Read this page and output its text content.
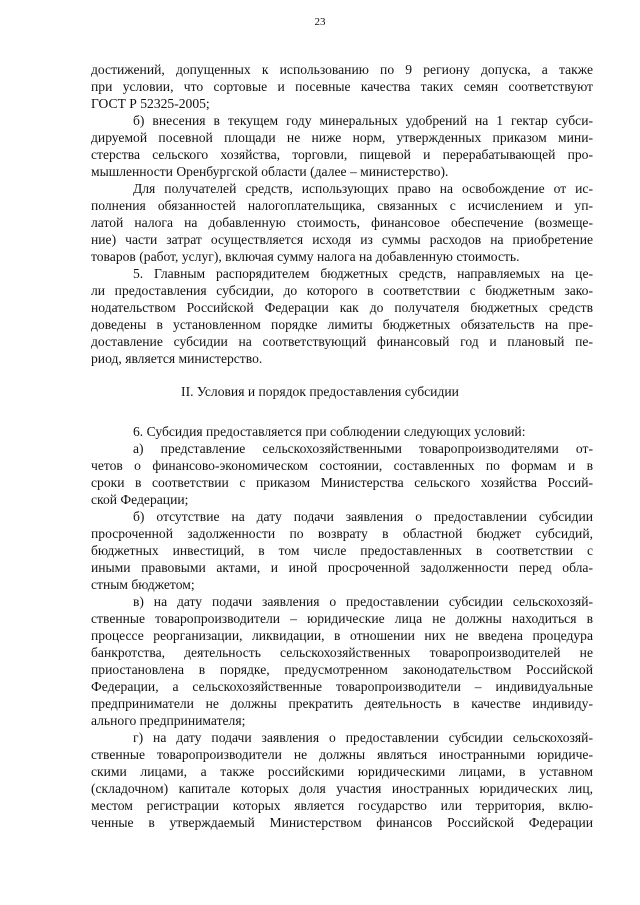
23
достижений, допущенных к использованию по 9 региону допуска, а также
при условии, что сортовые и посевные качества таких семян соответствуют
ГОСТ Р 52325-2005;
б) внесения в текущем году минеральных удобрений на 1 гектар субси-
дируемой посевной площади не ниже норм, утвержденных приказом мини-
стерства сельского хозяйства, торговли, пищевой и перерабатывающей про-
мышленности Оренбургской области (далее – министерство).
Для получателей средств, использующих право на освобождение от ис-
полнения обязанностей налогоплательщика, связанных с исчислением и уп-
латой налога на добавленную стоимость, финансовое обеспечение (возмеще-
ние) части затрат осуществляется исходя из суммы расходов на приобретение
товаров (работ, услуг), включая сумму налога на добавленную стоимость.
5. Главным распорядителем бюджетных средств, направляемых на це-
ли предоставления субсидии, до которого в соответствии с бюджетным зако-
нодательством Российской Федерации как до получателя бюджетных средств
доведены в установленном порядке лимиты бюджетных обязательств на пре-
доставление субсидии на соответствующий финансовый год и плановый пе-
риод, является министерство.
II. Условия и порядок предоставления субсидии
6. Субсидия предоставляется при соблюдении следующих условий:
а) представление сельскохозяйственными товаропроизводителями от-
четов о финансово-экономическом состоянии, составленных по формам и в
сроки в соответствии с приказом Министерства сельского хозяйства Россий-
ской Федерации;
б) отсутствие на дату подачи заявления о предоставлении субсидии
просроченной задолженности по возврату в областной бюджет субсидий,
бюджетных инвестиций, в том числе предоставленных в соответствии с
иными правовыми актами, и иной просроченной задолженности перед обла-
стным бюджетом;
в) на дату подачи заявления о предоставлении субсидии сельскохозяй-
ственные товаропроизводители – юридические лица не должны находиться в
процессе реорганизации, ликвидации, в отношении них не введена процедура
банкротства, деятельность сельскохозяйственных товаропроизводителей не
приостановлена в порядке, предусмотренном законодательством Российской
Федерации, а сельскохозяйственные товаропроизводители – индивидуальные
предприниматели не должны прекратить деятельность в качестве индивиду-
ального предпринимателя;
г) на дату подачи заявления о предоставлении субсидии сельскохозяй-
ственные товаропроизводители не должны являться иностранными юридиче-
скими лицами, а также российскими юридическими лицами, в уставном
(складочном) капитале которых доля участия иностранных юридических лиц,
местом регистрации которых является государство или территория, вклю-
ченные в утверждаемый Министерством финансов Российской Федерации
